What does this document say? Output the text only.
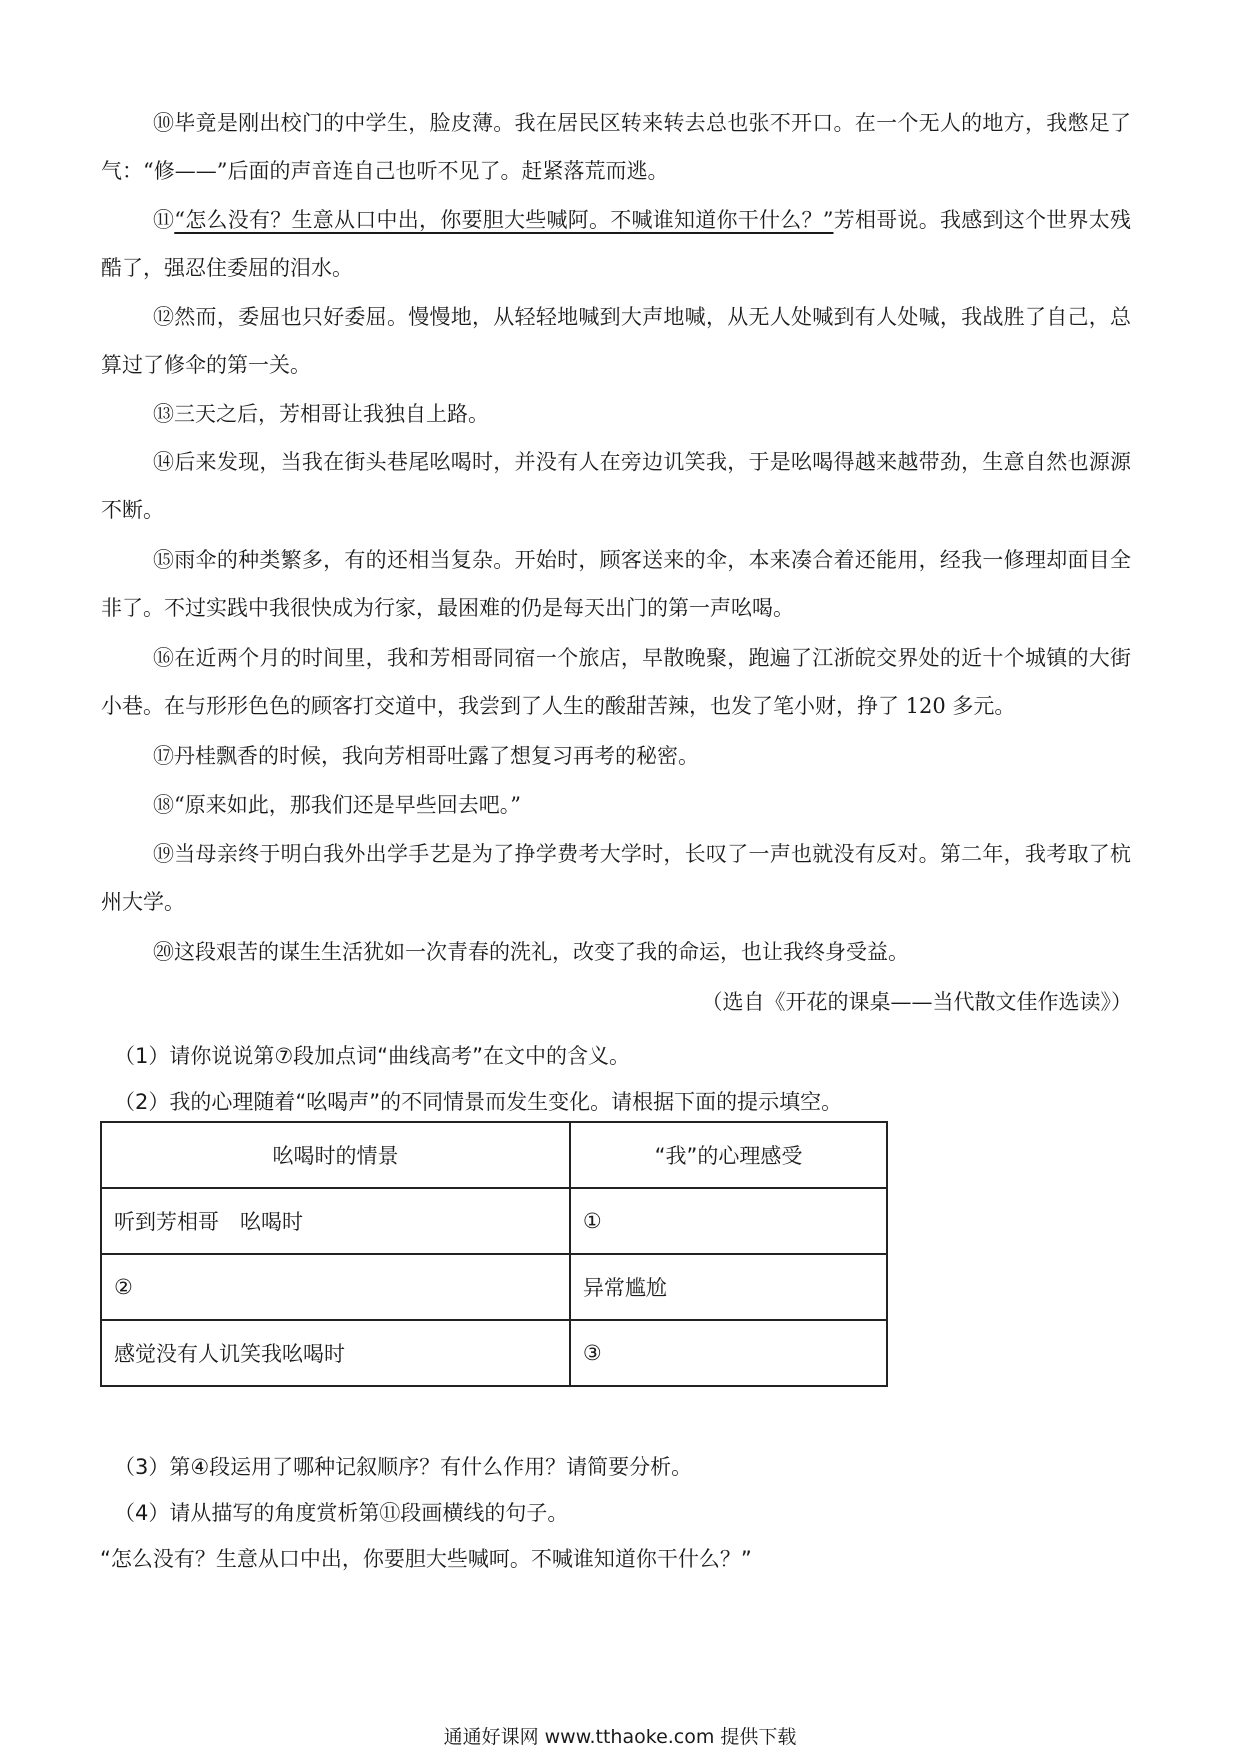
⑩毕竟是刚出校门的中学生，脸皮薄。我在居民区转来转去总也张不开口。在一个无人的地方，我憋足了气：“修——”后面的声音连自己也听不见了。赶紧落荒而逃。

⑪“怎么没有？生意从口中出，你要胆大些喊阿。不喊谁知道你干什么？”芳相哥说。我感到这个世界太残酷了，强忍住委屈的泪水。

⑫然而，委屈也只好委屈。慢慢地，从轻轻地喊到大声地喊，从无人处喊到有人处喊，我战胜了自己，总算过了修伞的第一关。

⑬三天之后，芳相哥让我独自上路。

⑭后来发现，当我在街头巷尾吆喝时，并没有人在旁边讥笑我，于是吆喝得越来越带劲，生意自然也源源不断。

⑮雨伞的种类繁多，有的还相当复杂。开始时，顾客送来的伞，本来凑合着还能用，经我一修理却面目全非了。不过实践中我很快成为行家，最困难的仍是每天出门的第一声吆喝。

⑯在近两个月的时间里，我和芳相哥同宿一个旅店，早散晚聚，跑遍了江浙皖交界处的近十个城镇的大街小巷。在与形形色色的顾客打交道中，我尝到了人生的酸甜苦辣，也发了笔小财，挣了 120 多元。

⑰丹桂飘香的时候，我向芳相哥吐露了想复习再考的秘密。

⑱“原来如此，那我们还是早些回去吧。”

⑲当母亲终于明白我外出学手艺是为了挣学费考大学时，长叹了一声也就没有反对。第二年，我考取了杭州大学。

⑳这段艰苦的谋生生活犹如一次青春的洗礼，改变了我的命运，也让我终身受益。

（选自《开花的课桌——当代散文佳作选读》）

（1）请你说说第⑦段加点词“曲线高考”在文中的含义。

（2）我的心理随着“吆喝声”的不同情景而发生变化。请根据下面的提示填空。

吆喝时的情景	“我”的心理感受
听到芳相哥　吆喝时	①
②	异常尴尬
感觉没有人讥笑我吆喝时	③

（3）第④段运用了哪种记叙顺序？有什么作用？请简要分析。

（4）请从描写的角度赏析第⑪段画横线的句子。

“怎么没有？生意从口中出，你要胆大些喊呵。不喊谁知道你干什么？”

通通好课网 www.tthaoke.com 提供下载
